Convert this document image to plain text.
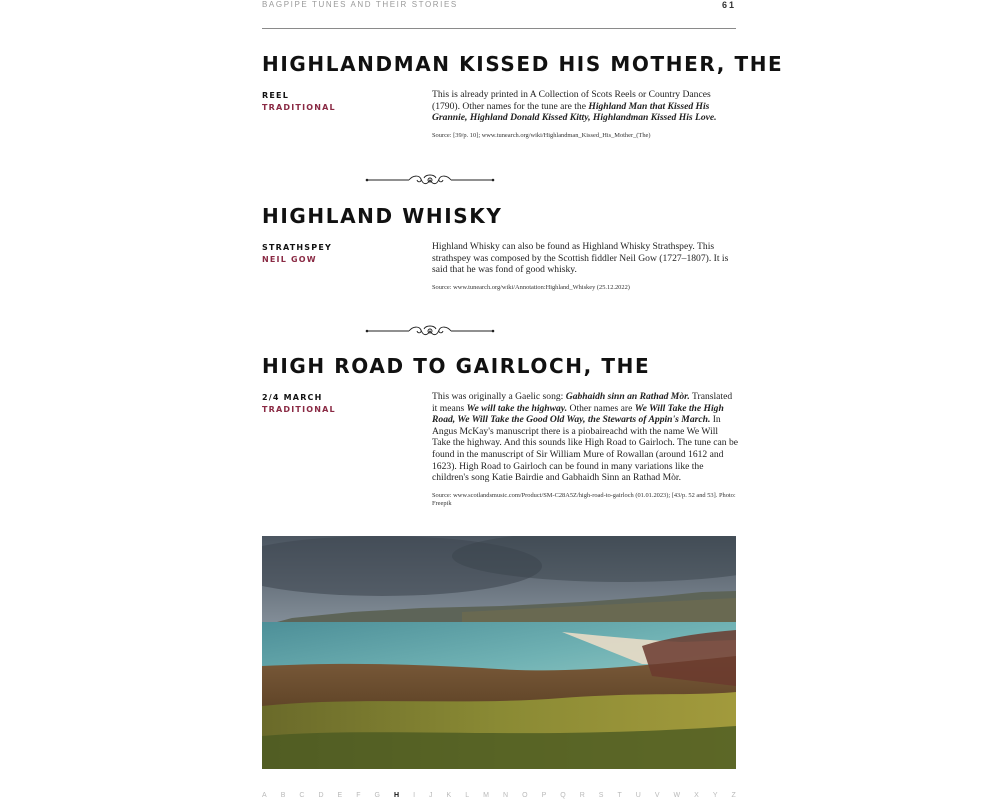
BAGPIPE TUNES AND THEIR STORIES	61
HIGHLANDMAN KISSED HIS MOTHER, THE
REEL
TRADITIONAL
This is already printed in A Collection of Scots Reels or Country Dances (1790). Other names for the tune are the Highland Man that Kissed His Grannie, Highland Donald Kissed Kitty, Highlandman Kissed His Love.
Source: [39/p. 10]; www.tunearch.org/wiki/Highlandman_Kissed_His_Mother_(The)
HIGHLAND WHISKY
STRATHSPEY
NEIL GOW
Highland Whisky can also be found as Highland Whisky Strathspey. This strathspey was composed by the Scottish fiddler Neil Gow (1727–1807). It is said that he was fond of good whisky.
Source: www.tunearch.org/wiki/Annotation:Highland_Whiskey (25.12.2022)
HIGH ROAD TO GAIRLOCH, THE
2/4 MARCH
TRADITIONAL
This was originally a Gaelic song: Gabhaidh sinn an Rathad Mòr. Translated it means We will take the highway. Other names are We Will Take the High Road, We Will Take the Good Old Way, the Stewarts of Appin's March. In Angus McKay's manuscript there is a piobaireachd with the name We Will Take the highway. And this sounds like High Road to Gairloch. The tune can be found in the manuscript of Sir William Mure of Rowallan (around 1612 and 1623). High Road to Gairloch can be found in many variations like the children's song Katie Bairdie and Gabhaidh Sinn an Rathad Mòr.
Source: www.scotlandsmusic.com/Product/SM-C28A5Z/high-road-to-gairloch (01.01.2023); [43/p. 52 and 53]. Photo: Freepik
A B C D E F G H I J K L M N O P Q R S T U V W X Y Z
